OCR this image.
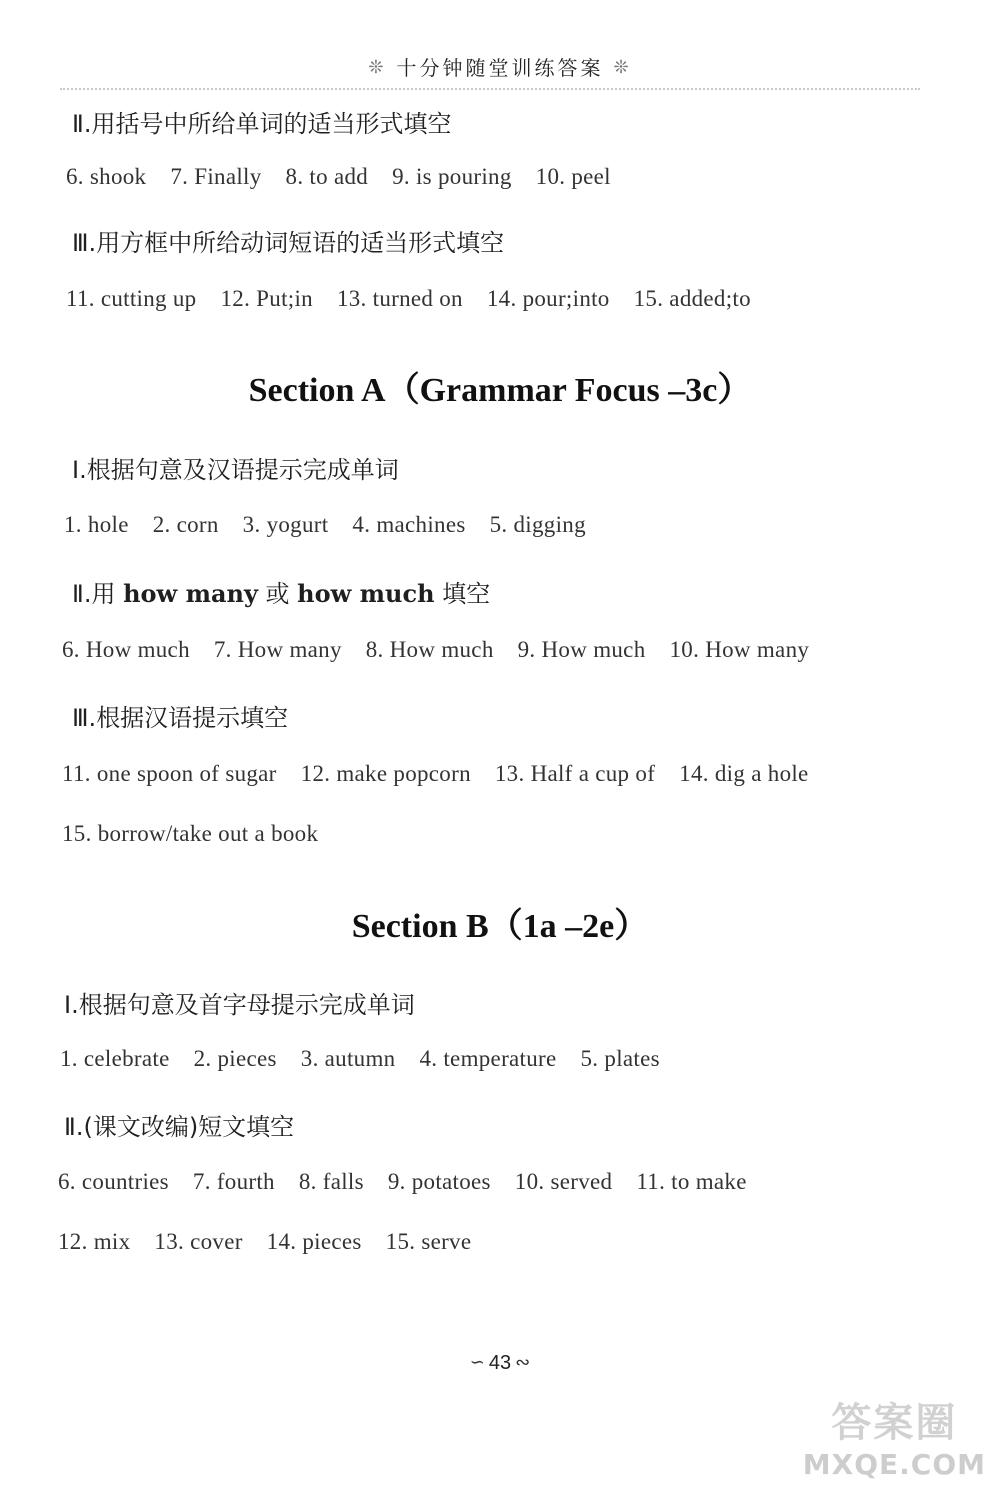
❊ 十分钟随堂训练答案 ❊
Ⅱ.用括号中所给单词的适当形式填空
6. shook 7. Finally 8. to add 9. is pouring 10. peel
Ⅲ.用方框中所给动词短语的适当形式填空
11. cutting up 12. Put;in 13. turned on 14. pour;into 15. added;to
Section A（Grammar Focus –3c）
Ⅰ.根据句意及汉语提示完成单词
1. hole 2. corn 3. yogurt 4. machines 5. digging
Ⅱ.用 how many 或 how much 填空
6. How much 7. How many 8. How much 9. How much 10. How many
Ⅲ.根据汉语提示填空
11. one spoon of sugar 12. make popcorn 13. Half a cup of 14. dig a hole
15. borrow/take out a book
Section B（1a –2e）
Ⅰ.根据句意及首字母提示完成单词
1. celebrate 2. pieces 3. autumn 4. temperature 5. plates
Ⅱ.(课文改编)短文填空
6. countries 7. fourth 8. falls 9. potatoes 10. served 11. to make
12. mix 13. cover 14. pieces 15. serve
∽ 43 ∾
答案圈
MXQE.COM
